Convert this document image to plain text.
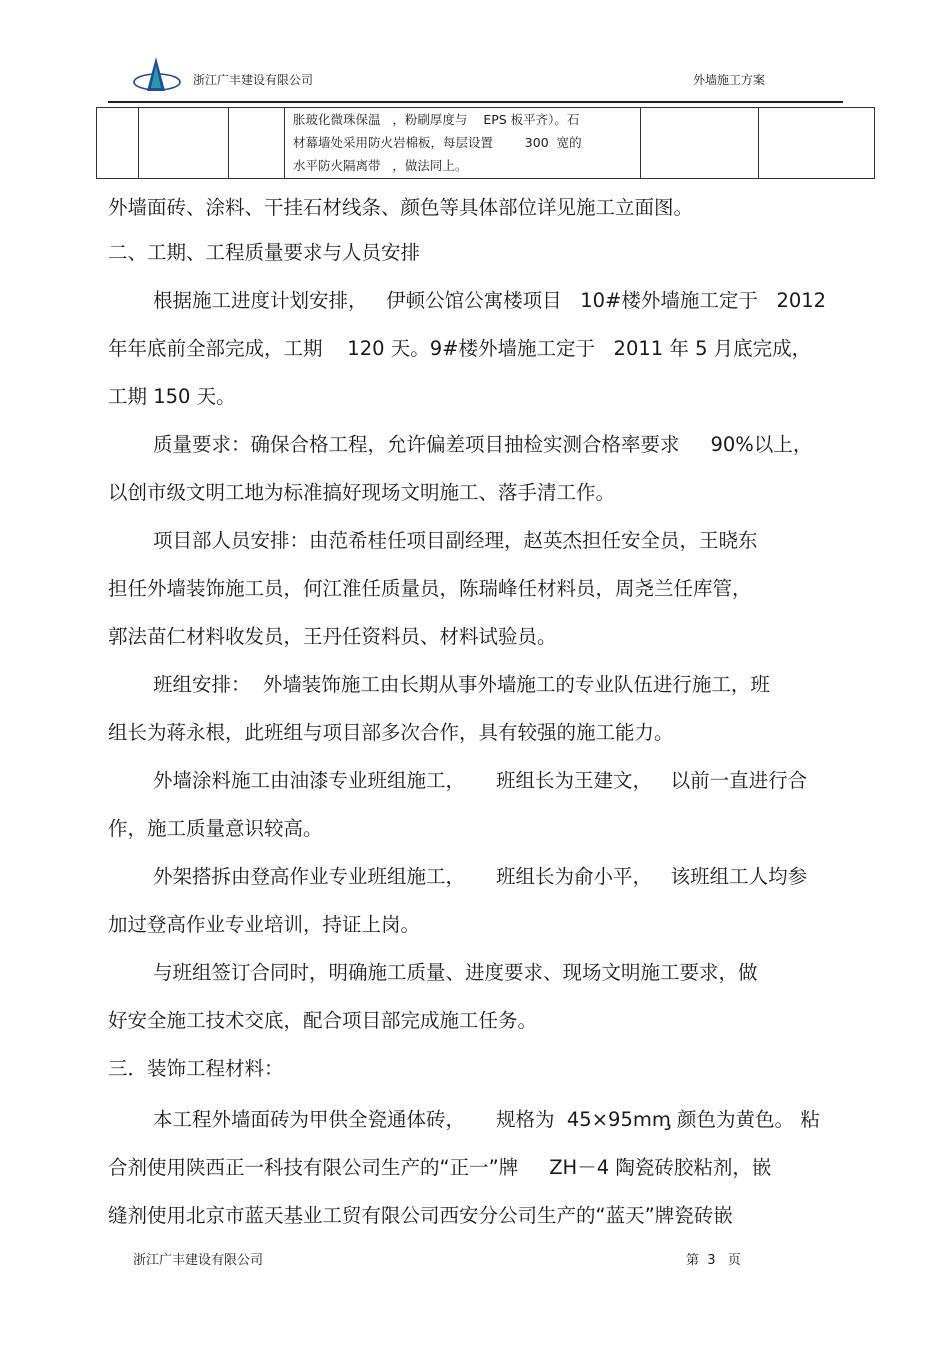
浙江广丰建设有限公司	外墙施工方案

胀玻化微珠保温   ，粉刷厚度与    EPS 板平齐）。石
材幕墙处采用防火岩棉板，每层设置        300  宽的
水平防火隔离带   ，做法同上。

外墙面砖、涂料、干挂石材线条、颜色等具体部位详见施工立面图。
二、工期、工程质量要求与人员安排
根据施工进度计划安排，   伊顿公馆公寓楼项目   10#楼外墙施工定于   2012
年年底前全部完成，工期    120 天。9#楼外墙施工定于   2011 年 5 月底完成，
工期 150 天。
质量要求：确保合格工程，允许偏差项目抽检实测合格率要求     90%以上，
以创市级文明工地为标准搞好现场文明施工、落手清工作。
项目部人员安排：由范希桂任项目副经理，赵英杰担任安全员，王晓东
担任外墙装饰施工员，何江淮任质量员，陈瑞峰任材料员，周尧兰任库管，
郭法苗仁材料收发员，王丹任资料员、材料试验员。
班组安排：  外墙装饰施工由长期从事外墙施工的专业队伍进行施工，班
组长为蒋永根，此班组与项目部多次合作，具有较强的施工能力。
外墙涂料施工由油漆专业班组施工，     班组长为王建文，   以前一直进行合
作，施工质量意识较高。
外架搭拆由登高作业专业班组施工，     班组长为俞小平，   该班组工人均参
加过登高作业专业培训，持证上岗。
与班组签订合同时，明确施工质量、进度要求、现场文明施工要求，做
好安全施工技术交底，配合项目部完成施工任务。
三．装饰工程材料：
本工程外墙面砖为甲供全瓷通体砖，     规格为  45×95mm̡ 颜色为黄色。 粘
合剂使用陕西正一科技有限公司生产的“正一”牌     ZH－4 陶瓷砖胶粘剂，嵌
缝剂使用北京市蓝天基业工贸有限公司西安分公司生产的“蓝天”牌瓷砖嵌
浙江广丰建设有限公司	第  3   页
